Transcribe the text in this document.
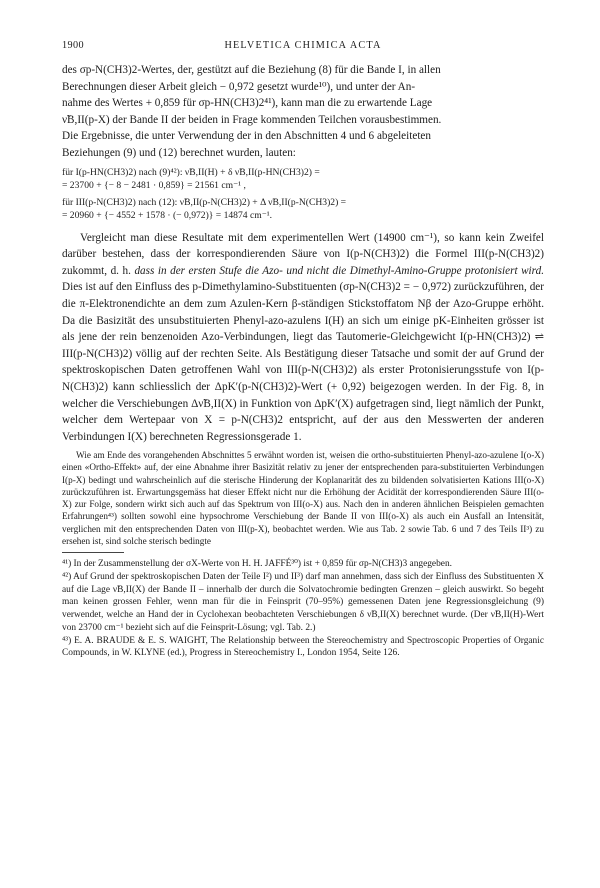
1900	HELVETICA CHIMICA ACTA

des σp-N(CH3)2-Wertes, der, gestützt auf die Beziehung (8) für die Bande I, in allen

Berechnungen dieser Arbeit gleich − 0,972 gesetzt wurde¹⁰), und unter der An-

nahme des Wertes + 0,859 für σp-HN(CH3)2⁴¹), kann man die zu erwartende Lage

ν̃B,II(p-X) der Bande II der beiden in Frage kommenden Teilchen vorausbestimmen.

Die Ergebnisse, die unter Verwendung der in den Abschnitten 4 und 6 abgeleiteten

Beziehungen (9) und (12) berechnet wurden, lauten:

für I(p-HN(CH3)2) nach (9)⁴²): ν̃B,II(H) + δ ν̃B,II(p-HN(CH3)2) =

= 23700 + {− 8 − 2481 · 0,859} = 21561 cm⁻¹ ,

für III(p-N(CH3)2) nach (12): ν̃B,II(p-N(CH3)2) + Δ ν̃B,II(p-N(CH3)2) =

= 20960 + {− 4552 + 1578 · (− 0,972)} = 14874 cm⁻¹.

Vergleicht man diese Resultate mit dem experimentellen Wert (14900 cm⁻¹), so kann kein Zweifel darüber bestehen, dass der korrespondierenden Säure von I(p-N(CH3)2) die Formel III(p-N(CH3)2) zukommt, d. h. dass in der ersten Stufe die Azo- und nicht die Dimethyl-Amino-Gruppe protonisiert wird. Dies ist auf den Einfluss des p-Dimethylamino-Substituenten (σp-N(CH3)2 = − 0,972) zurückzuführen, der die π-Elektronendichte an dem zum Azulen-Kern β-ständigen Stickstoffatom Nβ der Azo-Gruppe erhöht. Da die Basizität des unsubstituierten Phenyl-azo-azulens I(H) an sich um einige pK-Einheiten grösser ist als jene der rein benzenoiden Azo-Verbindungen, liegt das Tautomerie-Gleichgewicht I(p-HN(CH3)2) ⇌ III(p-N(CH3)2) völlig auf der rechten Seite. Als Bestätigung dieser Tatsache und somit der auf Grund der spektroskopischen Daten getroffenen Wahl von III(p-N(CH3)2) als erster Protonisierungsstufe von I(p-N(CH3)2) kann schliesslich der ΔpK′(p-N(CH3)2)-Wert (+ 0,92) beigezogen werden. In der Fig. 8, in welcher die Verschiebungen Δν̃B,II(X) in Funktion von ΔpK′(X) aufgetragen sind, liegt nämlich der Punkt, welcher dem Wertepaar von X = p-N(CH3)2 entspricht, auf der aus den Messwerten der anderen Verbindungen I(X) berechneten Regressionsgerade 1.

Wie am Ende des vorangehenden Abschnittes 5 erwähnt worden ist, weisen die ortho-substituierten Phenyl-azo-azulene I(o-X) einen «Ortho-Effekt» auf, der eine Abnahme ihrer Basizität relativ zu jener der entsprechenden para-substituierten Verbindungen I(p-X) bedingt und wahrscheinlich auf die sterische Hinderung der Koplanarität des zu bildenden solvatisierten Kations III(o-X) zurückzuführen ist. Erwartungsgemäss hat dieser Effekt nicht nur die Erhöhung der Acidität der korrespondierenden Säure III(o-X) zur Folge, sondern wirkt sich auch auf das Spektrum von III(o-X) aus. Nach den in anderen ähnlichen Beispielen gemachten Erfahrungen⁴³) sollten sowohl eine hypsochrome Verschiebung der Bande II von III(o-X) als auch ein Ausfall an Intensität, verglichen mit den entsprechenden Daten von III(p-X), beobachtet werden. Wie aus Tab. 2 sowie Tab. 6 und 7 des Teils II³) zu ersehen ist, sind solche sterisch bedingte

⁴¹) In der Zusammenstellung der σX-Werte von H. H. JAFFÉ³⁰) ist + 0,859 für σp-N(CH3)3 angegeben.

⁴²) Auf Grund der spektroskopischen Daten der Teile I²) und II³) darf man annehmen, dass sich der Einfluss des Substituenten X auf die Lage ν̃B,II(X) der Bande II – innerhalb der durch die Solvatochromie bedingten Grenzen – gleich auswirkt. So begeht man keinen grossen Fehler, wenn man für die in Feinsprit (70–95%) gemessenen Daten jene Regressionsgleichung (9) verwendet, welche an Hand der in Cyclohexan beobachteten Verschiebungen δ ν̃B,II(X) berechnet wurde. (Der ν̃B,II(H)-Wert von 23700 cm⁻¹ bezieht sich auf die Feinsprit-Lösung; vgl. Tab. 2.)

⁴³) E. A. BRAUDE & E. S. WAIGHT, The Relationship between the Stereochemistry and Spectroscopic Properties of Organic Compounds, in W. KLYNE (ed.), Progress in Stereochemistry I., London 1954, Seite 126.
